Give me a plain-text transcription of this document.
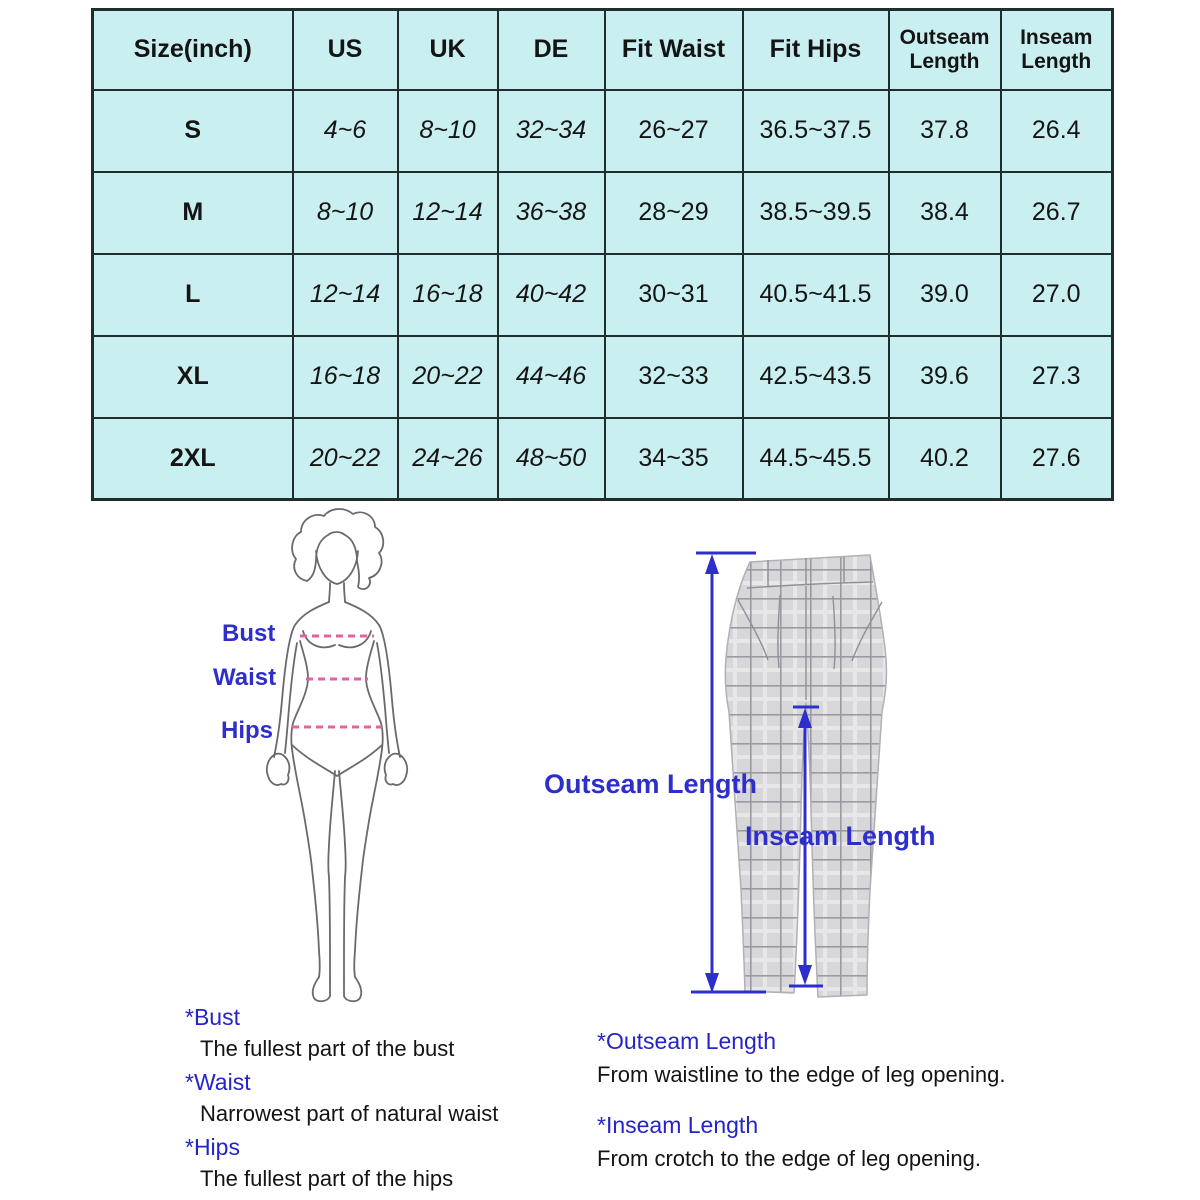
Size(inch)	US	UK	DE	Fit Waist	Fit Hips	Outseam Length	Inseam Length
S	4~6	8~10	32~34	26~27	36.5~37.5	37.8	26.4
M	8~10	12~14	36~38	28~29	38.5~39.5	38.4	26.7
L	12~14	16~18	40~42	30~31	40.5~41.5	39.0	27.0
XL	16~18	20~22	44~46	32~33	42.5~43.5	39.6	27.3
2XL	20~22	24~26	48~50	34~35	44.5~45.5	40.2	27.6
Bust
Waist
Hips
Outseam Length
Inseam Length
*Bust
The fullest part of the bust
*Waist
Narrowest part of natural waist
*Hips
The fullest part of the hips
*Outseam Length
From waistline to the edge of leg opening.
*Inseam Length
From crotch to the edge of leg opening.
